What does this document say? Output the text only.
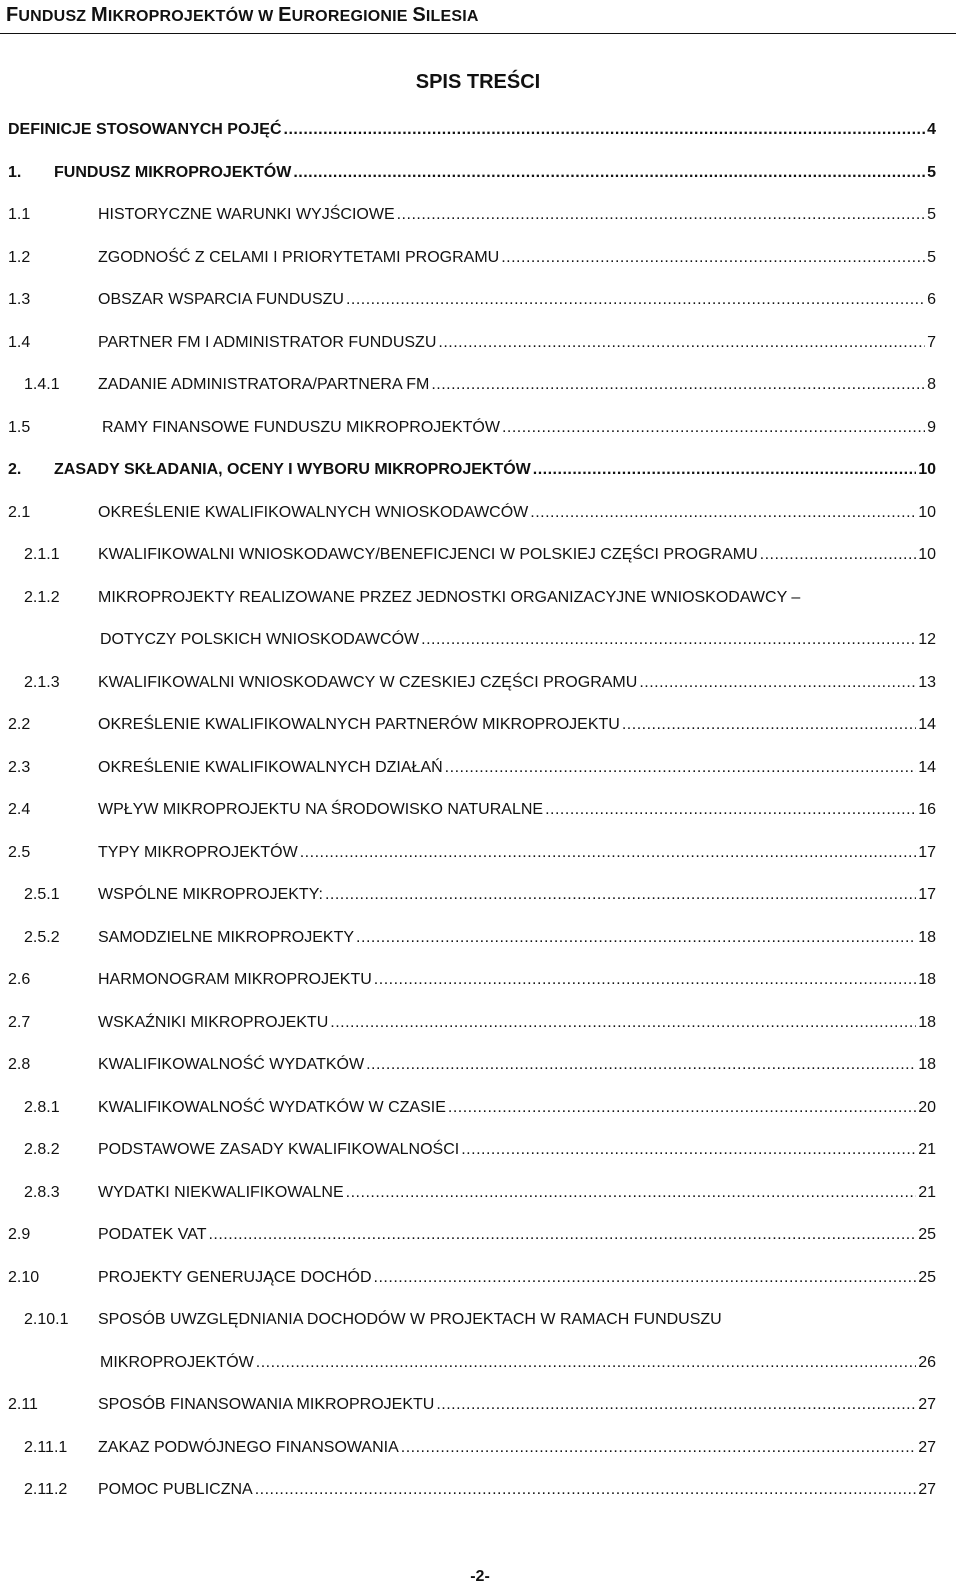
FUNDUSZ MIKROPROJEKTÓW W EUROREGIONIE SILESIA
SPIS TREŚCI
DEFINICJE STOSOWANYCH POJĘĆ .....	4
1. FUNDUSZ MIKROPROJEKTÓW .....	5
1.1	HISTORYCZNE WARUNKI WYJŚCIOWE .....	5
1.2	ZGODNOŚĆ Z CELAMI I PRIORYTETAMI PROGRAMU .....	5
1.3	OBSZAR WSPARCIA FUNDUSZU .....	6
1.4	PARTNER FM I ADMINISTRATOR FUNDUSZU .....	7
1.4.1 ZADANIE ADMINISTRATORA/PARTNERA FM .....	8
1.5	RAMY FINANSOWE FUNDUSZU MIKROPROJEKTÓW .....	9
2. ZASADY SKŁADANIA, OCENY I WYBORU MIKROPROJEKTÓW .....	10
2.1	OKREŚLENIE KWALIFIKOWALNYCH WNIOSKODAWCÓW .....	10
2.1.1 KWALIFIKOWALNI WNIOSKODAWCY/BENEFICJENCI W POLSKIEJ CZĘŚCI PROGRAMU .....	10
2.1.2 MIKROPROJEKTY REALIZOWANE PRZEZ JEDNOSTKI ORGANIZACYJNE WNIOSKODAWCY –
DOTYCZY POLSKICH WNIOSKODAWCÓW .....	12
2.1.3 KWALIFIKOWALNI WNIOSKODAWCY W CZESKIEJ CZĘŚCI PROGRAMU .....	13
2.2	OKREŚLENIE KWALIFIKOWALNYCH PARTNERÓW MIKROPROJEKTU .....	14
2.3	OKREŚLENIE KWALIFIKOWALNYCH DZIAŁAŃ .....	14
2.4	WPŁYW MIKROPROJEKTU NA ŚRODOWISKO NATURALNE .....	16
2.5	TYPY MIKROPROJEKTÓW .....	17
2.5.1 WSPÓLNE MIKROPROJEKTY: .....	17
2.5.2 SAMODZIELNE MIKROPROJEKTY .....	18
2.6	HARMONOGRAM MIKROPROJEKTU .....	18
2.7	WSKAŹNIKI MIKROPROJEKTU .....	18
2.8	KWALIFIKOWALNOŚĆ WYDATKÓW .....	18
2.8.1 KWALIFIKOWALNOŚĆ WYDATKÓW W CZASIE .....	20
2.8.2 PODSTAWOWE ZASADY KWALIFIKOWALNOŚCI .....	21
2.8.3 WYDATKI NIEKWALIFIKOWALNE .....	21
2.9	PODATEK VAT .....	25
2.10	PROJEKTY GENERUJĄCE DOCHÓD .....	25
2.10.1 SPOSÓB UWZGLĘDNIANIA DOCHODÓW W PROJEKTACH W RAMACH FUNDUSZU
MIKROPROJEKTÓW .....	26
2.11	SPOSÓB FINANSOWANIA MIKROPROJEKTU .....	27
2.11.1 ZAKAZ PODWÓJNEGO FINANSOWANIA .....	27
2.11.2 POMOC PUBLICZNA .....	27
-2-
